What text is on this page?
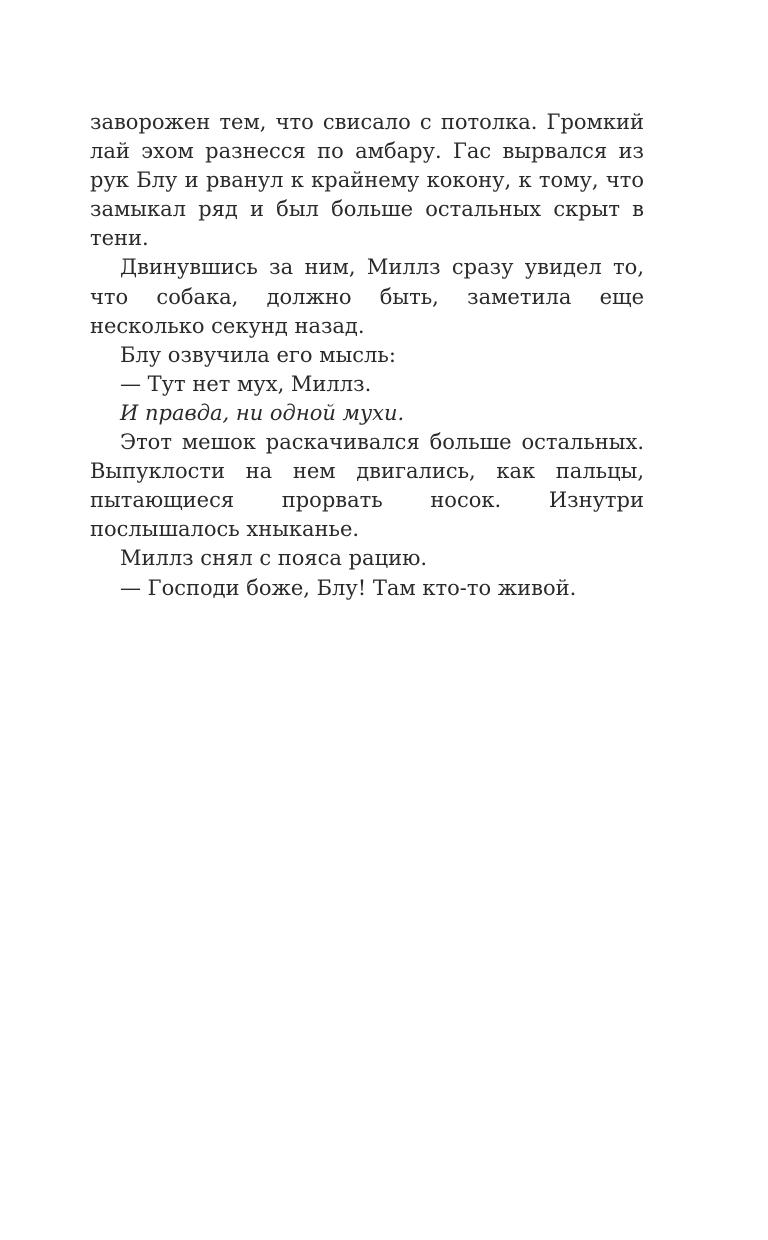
заворожен тем, что свисало с потолка. Громкий лай эхом разнесся по амбару. Гас вырвался из рук Блу и рванул к крайнему кокону, к тому, что замыкал ряд и был больше остальных скрыт в тени.

Двинувшись за ним, Миллз сразу увидел то, что собака, должно быть, заметила еще несколько секунд назад.

Блу озвучила его мысль:

— Тут нет мух, Миллз.

И правда, ни одной мухи.

Этот мешок раскачивался больше остальных. Выпуклости на нем двигались, как пальцы, пытающиеся прорвать носок. Изнутри послышалось хныканье.

Миллз снял с пояса рацию.

— Господи боже, Блу! Там кто-то живой.
